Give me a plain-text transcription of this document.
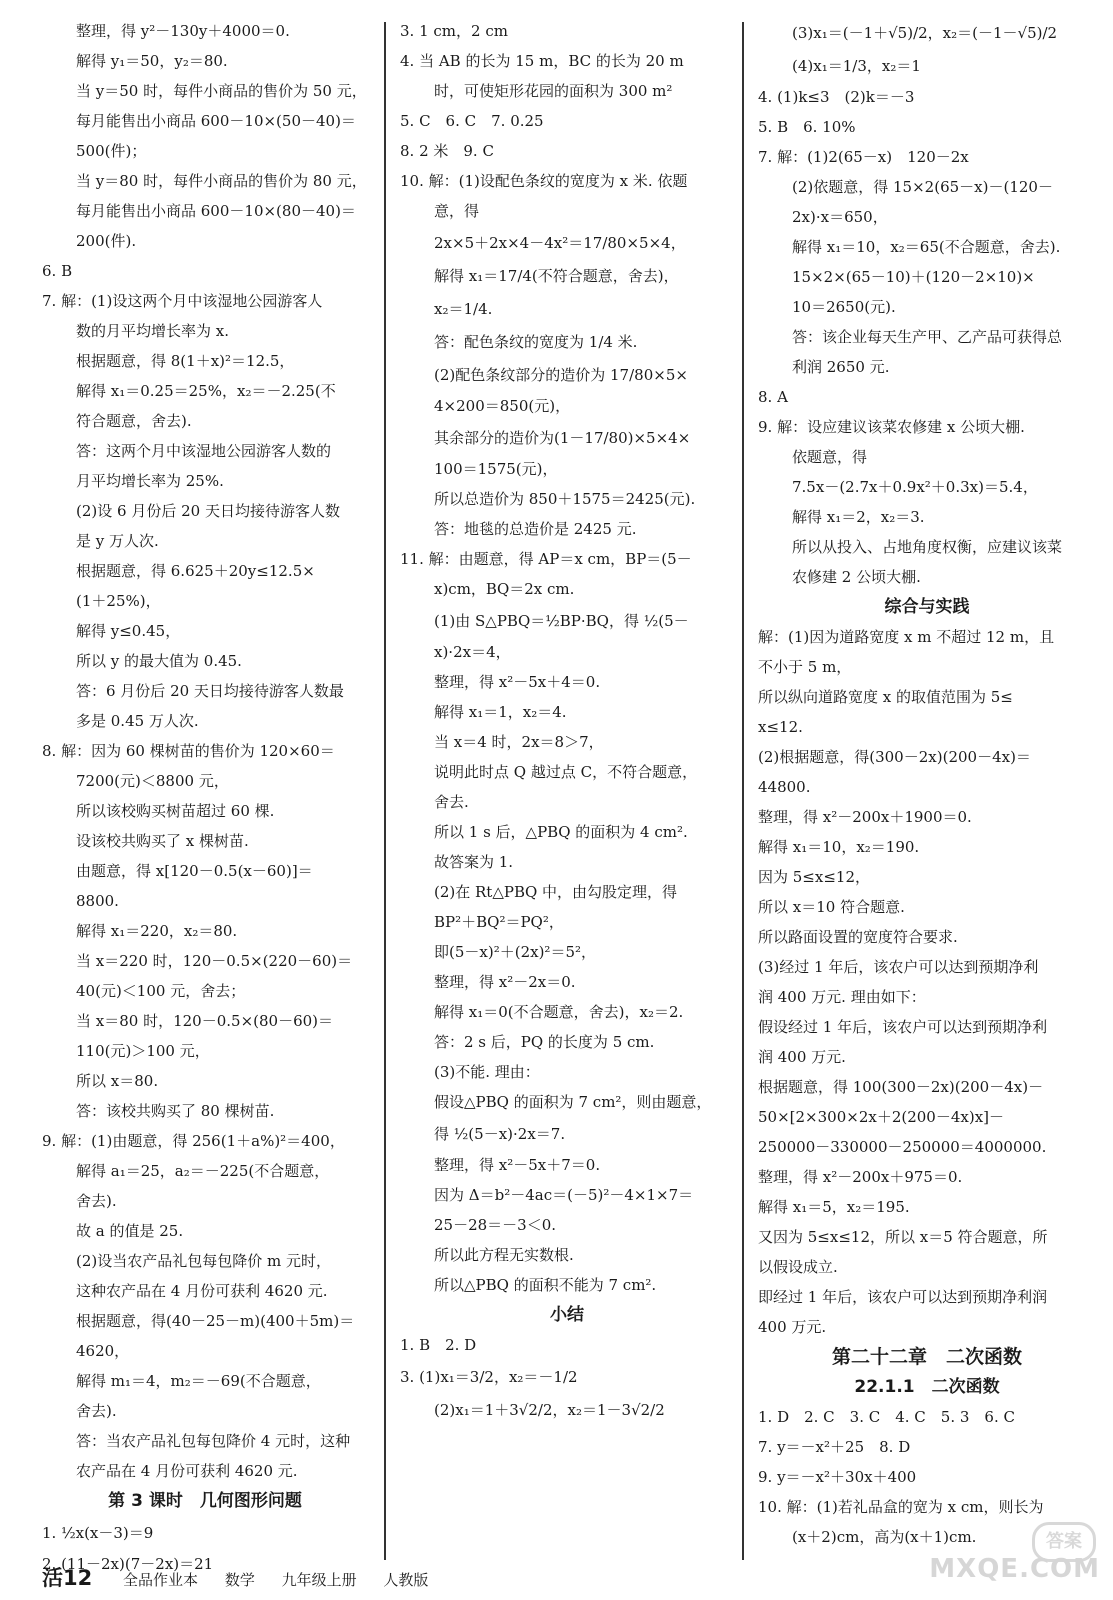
整理，得 y²－130y＋4000＝0.
解得 y₁＝50，y₂＝80.
当 y＝50 时，每件小商品的售价为 50 元，
每月能售出小商品 600－10×(50－40)＝
500(件)；
当 y＝80 时，每件小商品的售价为 80 元，
每月能售出小商品 600－10×(80－40)＝
200(件).
6. B
7. 解：(1)设这两个月中该湿地公园游客人
数的月平均增长率为 x.
根据题意，得 8(1＋x)²＝12.5，
解得 x₁＝0.25＝25%，x₂＝－2.25(不
符合题意，舍去).
答：这两个月中该湿地公园游客人数的
月平均增长率为 25%.
(2)设 6 月份后 20 天日均接待游客人数
是 y 万人次.
根据题意，得 6.625＋20y≤12.5×
(1＋25%)，
解得 y≤0.45，
所以 y 的最大值为 0.45.
答：6 月份后 20 天日均接待游客人数最
多是 0.45 万人次.
8. 解：因为 60 棵树苗的售价为 120×60＝
7200(元)＜8800 元，
所以该校购买树苗超过 60 棵.
设该校共购买了 x 棵树苗.
由题意，得 x[120－0.5(x－60)]＝
8800.
解得 x₁＝220，x₂＝80.
当 x＝220 时，120－0.5×(220－60)＝
40(元)＜100 元，舍去；
当 x＝80 时，120－0.5×(80－60)＝
110(元)＞100 元，
所以 x＝80.
答：该校共购买了 80 棵树苗.
9. 解：(1)由题意，得 256(1＋a%)²＝400，
解得 a₁＝25，a₂＝－225(不合题意，
舍去).
故 a 的值是 25.
(2)设当农产品礼包每包降价 m 元时，
这种农产品在 4 月份可获利 4620 元.
根据题意，得(40－25－m)(400＋5m)＝
4620，
解得 m₁＝4，m₂＝－69(不合题意，
舍去).
答：当农产品礼包每包降价 4 元时，这种
农产品在 4 月份可获利 4620 元.
第 3 课时　几何图形问题
1. ½x(x－3)＝9
2. (11－2x)(7－2x)＝21
3. 1 cm，2 cm
4. 当 AB 的长为 15 m，BC 的长为 20 m
时，可使矩形花园的面积为 300 m²
5. C　6. C　7. 0.25
8. 2 米　9. C
10. 解：(1)设配色条纹的宽度为 x 米. 依题
意，得
2x×5＋2x×4－4x²＝17/80×5×4，
解得 x₁＝17/4(不符合题意，舍去)，
x₂＝1/4.
答：配色条纹的宽度为 1/4 米.
(2)配色条纹部分的造价为 17/80×5×
4×200＝850(元)，
其余部分的造价为(1－17/80)×5×4×
100＝1575(元)，
所以总造价为 850＋1575＝2425(元).
答：地毯的总造价是 2425 元.
11. 解：由题意，得 AP＝x cm，BP＝(5－
x)cm，BQ＝2x cm.
(1)由 S△PBQ＝½BP·BQ，得 ½(5－
x)·2x＝4，
整理，得 x²－5x＋4＝0.
解得 x₁＝1，x₂＝4.
当 x＝4 时，2x＝8＞7，
说明此时点 Q 越过点 C，不符合题意，
舍去.
所以 1 s 后，△PBQ 的面积为 4 cm².
故答案为 1.
(2)在 Rt△PBQ 中，由勾股定理，得
BP²＋BQ²＝PQ²，
即(5－x)²＋(2x)²＝5²，
整理，得 x²－2x＝0.
解得 x₁＝0(不合题意，舍去)，x₂＝2.
答：2 s 后，PQ 的长度为 5 cm.
(3)不能. 理由：
假设△PBQ 的面积为 7 cm²，则由题意，
得 ½(5－x)·2x＝7.
整理，得 x²－5x＋7＝0.
因为 Δ＝b²－4ac＝(－5)²－4×1×7＝
25－28＝－3＜0.
所以此方程无实数根.
所以△PBQ 的面积不能为 7 cm².
小结
1. B　2. D
3. (1)x₁＝3/2，x₂＝－1/2
(2)x₁＝1＋3√2/2，x₂＝1－3√2/2
(3)x₁＝(－1＋√5)/2，x₂＝(－1－√5)/2
(4)x₁＝1/3，x₂＝1
4. (1)k≤3　(2)k＝－3
5. B　6. 10%
7. 解：(1)2(65－x)　120－2x
(2)依题意，得 15×2(65－x)－(120－
2x)·x＝650，
解得 x₁＝10，x₂＝65(不合题意，舍去).
15×2×(65－10)＋(120－2×10)×
10＝2650(元).
答：该企业每天生产甲、乙产品可获得总
利润 2650 元.
8. A
9. 解：设应建议该菜农修建 x 公顷大棚.
依题意，得
7.5x－(2.7x＋0.9x²＋0.3x)＝5.4，
解得 x₁＝2，x₂＝3.
所以从投入、占地角度权衡，应建议该菜
农修建 2 公顷大棚.
综合与实践
解：(1)因为道路宽度 x m 不超过 12 m，且
不小于 5 m，
所以纵向道路宽度 x 的取值范围为 5≤
x≤12.
(2)根据题意，得(300－2x)(200－4x)＝
44800.
整理，得 x²－200x＋1900＝0.
解得 x₁＝10，x₂＝190.
因为 5≤x≤12，
所以 x＝10 符合题意.
所以路面设置的宽度符合要求.
(3)经过 1 年后，该农户可以达到预期净利
润 400 万元. 理由如下：
假设经过 1 年后，该农户可以达到预期净利
润 400 万元.
根据题意，得 100(300－2x)(200－4x)－
50×[2×300×2x＋2(200－4x)x]－
250000－330000－250000＝4000000.
整理，得 x²－200x＋975＝0.
解得 x₁＝5，x₂＝195.
又因为 5≤x≤12，所以 x＝5 符合题意，所
以假设成立.
即经过 1 年后，该农户可以达到预期净利润
400 万元.
第二十二章　二次函数
22.1.1　二次函数
1. D　2. C　3. C　4. C　5. 3　6. C
7. y＝－x²＋25　8. D
9. y＝－x²＋30x＋400
10. 解：(1)若礼品盒的宽为 x cm，则长为
(x＋2)cm，高为(x＋1)cm.
活12 全品作业本 数学 九年级上册 人教版
答案
MXQE.COM
